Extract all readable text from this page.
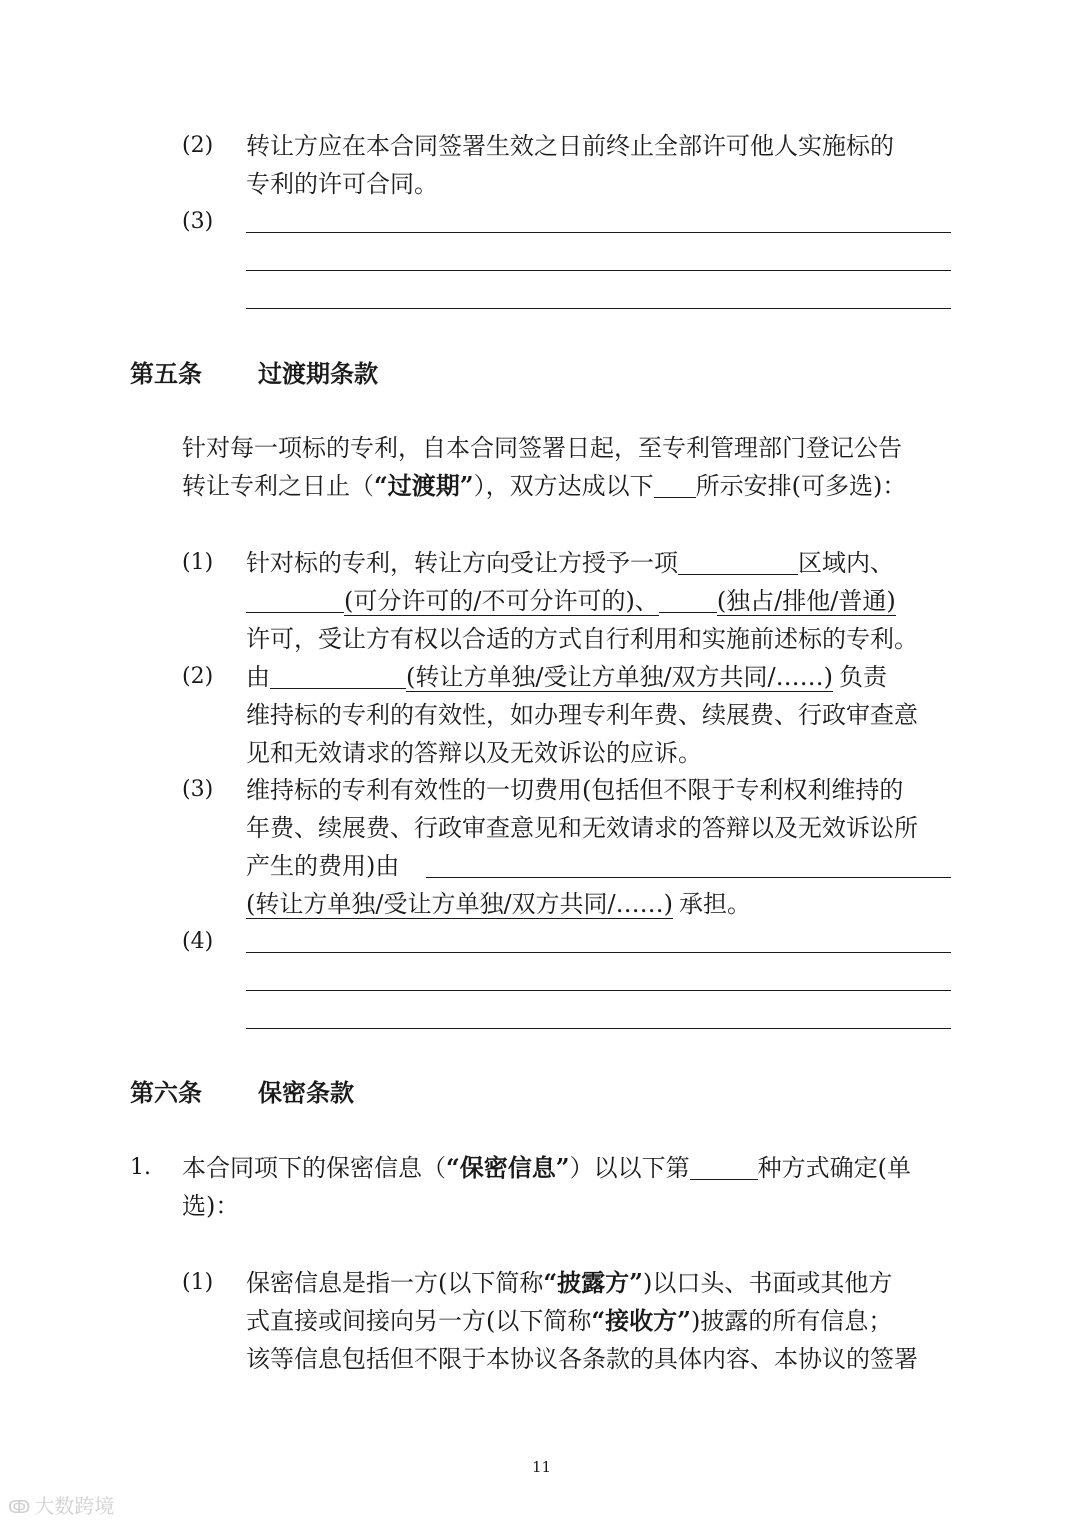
(2) 转让方应在本合同签署生效之日前终止全部许可他人实施标的
专利的许可合同。
(3)
第五条 过渡期条款
针对每一项标的专利，自本合同签署日起，至专利管理部门登记公告
转让专利之日止（“过渡期”），双方达成以下 所示安排(可多选)：
(1) 针对标的专利，转让方向受让方授予一项	区域内、
(可分许可的/不可分许可的)、 (独占/排他/普通)
许可，受让方有权以合适的方式自行利用和实施前述标的专利。
(2) 由	(转让方单独/受让方单独/双方共同/……) 负责
维持标的专利的有效性，如办理专利年费、续展费、行政审查意
见和无效请求的答辩以及无效诉讼的应诉。
(3) 维持标的专利有效性的一切费用(包括但不限于专利权利维持的
年费、续展费、行政审查意见和无效请求的答辩以及无效诉讼所
产生的费用)由
(转让方单独/受让方单独/双方共同/……) 承担。
(4)
第六条 保密条款
1. 本合同项下的保密信息（“保密信息”）以以下第	种方式确定(单
选)：
(1) 保密信息是指一方(以下简称“披露方”)以口头、书面或其他方
式直接或间接向另一方(以下简称“接收方”)披露的所有信息；
该等信息包括但不限于本协议各条款的具体内容、本协议的签署
11
ↂ 大数跨境
